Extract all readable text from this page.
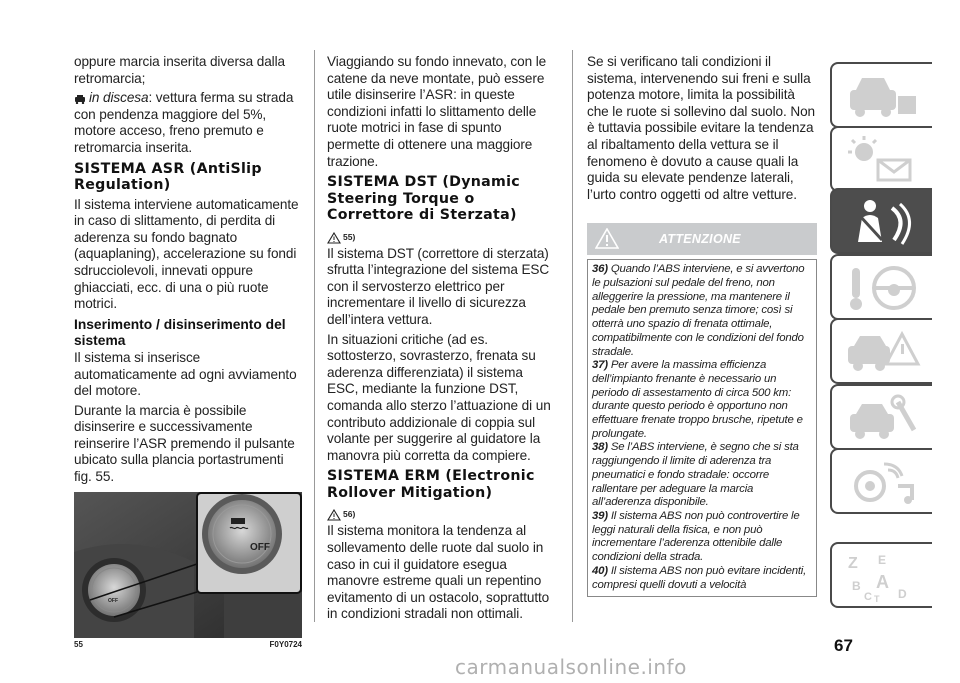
oppure marcia inserita diversa dalla retromarcia;

in discesa: vettura ferma su strada con pendenza maggiore del 5%, motore acceso, freno premuto e retromarcia inserita.

SISTEMA ASR (AntiSlip Regulation)

Il sistema interviene automaticamente in caso di slittamento, di perdita di aderenza su fondo bagnato (aquaplaning), accelerazione su fondi sdrucciolevoli, innevati oppure ghiacciati, ecc. di una o più ruote motrici.

Inserimento / disinserimento del sistema

Il sistema si inserisce automaticamente ad ogni avviamento del motore.

Durante la marcia è possibile disinserire e successivamente reinserire l’ASR premendo il pulsante ubicato sulla plancia portastrumenti fig. 55.

OFF
OFF
55	F0Y0724

Viaggiando su fondo innevato, con le catene da neve montate, può essere utile disinserire l’ASR: in queste condizioni infatti lo slittamento delle ruote motrici in fase di spunto permette di ottenere una maggiore trazione.

SISTEMA DST (Dynamic Steering Torque o Correttore di Sterzata)
55)

Il sistema DST (correttore di sterzata) sfrutta l’integrazione del sistema ESC con il servosterzo elettrico per incrementare il livello di sicurezza dell’intera vettura.

In situazioni critiche (ad es. sottosterzo, sovrasterzo, frenata su aderenza differenziata) il sistema ESC, mediante la funzione DST, comanda allo sterzo l’attuazione di un contributo addizionale di coppia sul volante per suggerire al guidatore la manovra più corretta da compiere.

SISTEMA ERM (Electronic Rollover Mitigation)
56)

Il sistema monitora la tendenza al sollevamento delle ruote dal suolo in caso in cui il guidatore esegua manovre estreme quali un repentino evitamento di un ostacolo, soprattutto in condizioni stradali non ottimali.

Se si verificano tali condizioni il sistema, intervenendo sui freni e sulla potenza motore, limita la possibilità che le ruote si sollevino dal suolo. Non è tuttavia possibile evitare la tendenza al ribaltamento della vettura se il fenomeno è dovuto a cause quali la guida su elevate pendenze laterali, l’urto contro oggetti od altre vetture.

ATTENZIONE

36) Quando l’ABS interviene, e si avvertono le pulsazioni sul pedale del freno, non alleggerire la pressione, ma mantenere il pedale ben premuto senza timore; così si otterrà uno spazio di frenata ottimale, compatibilmente con le condizioni del fondo stradale.

37) Per avere la massima efficienza dell’impianto frenante è necessario un periodo di assestamento di circa 500 km: durante questo periodo è opportuno non effettuare frenate troppo brusche, ripetute e prolungate.

38) Se l’ABS interviene, è segno che si sta raggiungendo il limite di aderenza tra pneumatici e fondo stradale: occorre rallentare per adeguare la marcia all’aderenza disponibile.

39) Il sistema ABS non può controvertire le leggi naturali della fisica, e non può incrementare l’aderenza ottenibile dalle condizioni della strada.

40) Il sistema ABS non può evitare incidenti, compresi quelli dovuti a velocità

Z E
B A
C T D
67
carmanualsonline.info
